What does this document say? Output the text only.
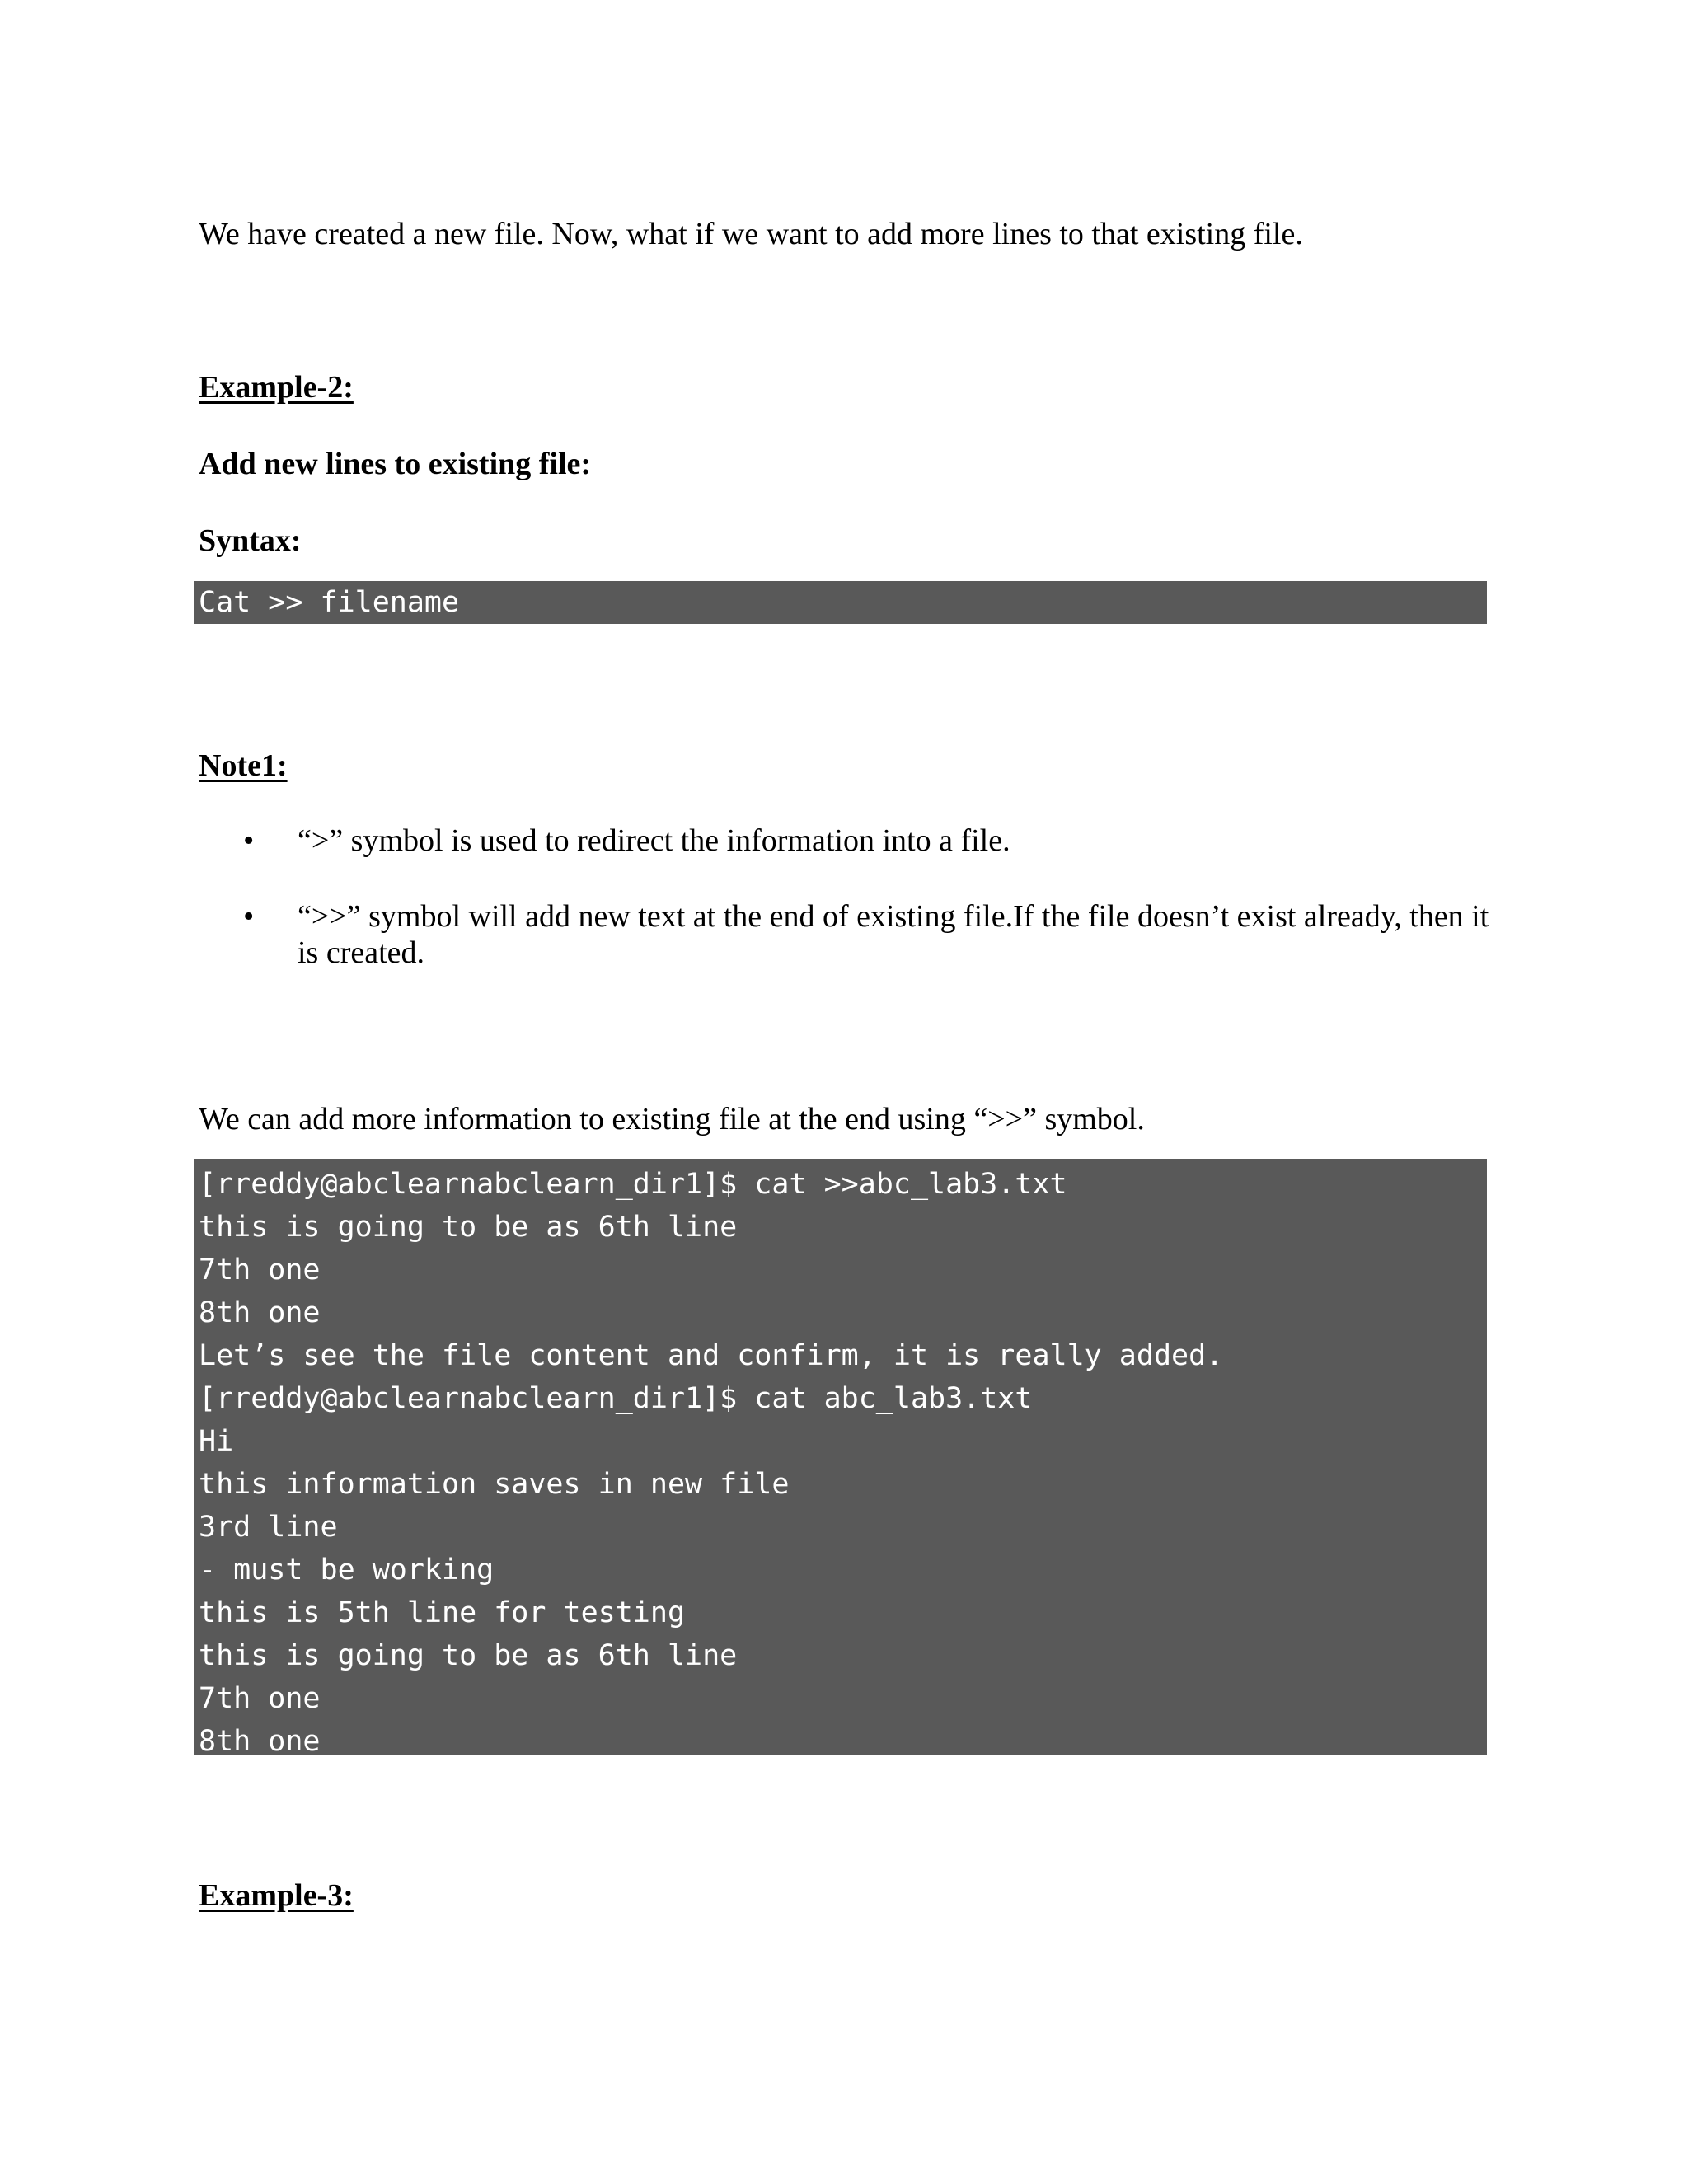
We have created a new file. Now, what if we want to add more lines to that existing file.
Example-2:
Add new lines to existing file:
Syntax:
Cat >> filename
Note1:
• “>” symbol is used to redirect the information into a file.
• “>>” symbol will add new text at the end of existing file.If the file doesn’t exist already, then it is created.
We can add more information to existing file at the end using “>>” symbol.
[rreddy@abclearnabclearn_dir1]$ cat >>abc_lab3.txt
this is going to be as 6th line
7th one
8th one
Let’s see the file content and confirm, it is really added.
[rreddy@abclearnabclearn_dir1]$ cat abc_lab3.txt
Hi
this information saves in new file
3rd line
- must be working
this is 5th line for testing
this is going to be as 6th line
7th one
8th one
Example-3:
